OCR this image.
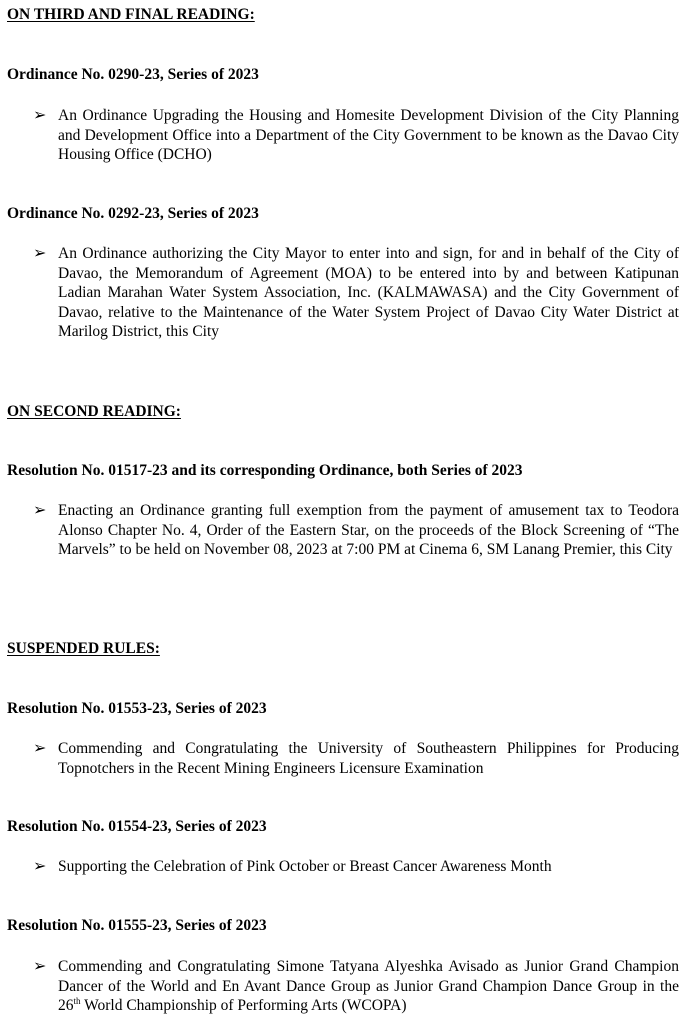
ON THIRD AND FINAL READING:

Ordinance No. 0290-23, Series of 2023

➢ An Ordinance Upgrading the Housing and Homesite Development Division of the City Planning and Development Office into a Department of the City Government to be known as the Davao City Housing Office (DCHO)

Ordinance No. 0292-23, Series of 2023

➢ An Ordinance authorizing the City Mayor to enter into and sign, for and in behalf of the City of Davao, the Memorandum of Agreement (MOA) to be entered into by and between Katipunan Ladian Marahan Water System Association, Inc. (KALMAWASA) and the City Government of Davao, relative to the Maintenance of the Water System Project of Davao City Water District at Marilog District, this City

ON SECOND READING:

Resolution No. 01517-23 and its corresponding Ordinance, both Series of 2023

➢ Enacting an Ordinance granting full exemption from the payment of amusement tax to Teodora Alonso Chapter No. 4, Order of the Eastern Star, on the proceeds of the Block Screening of “The Marvels” to be held on November 08, 2023 at 7:00 PM at Cinema 6, SM Lanang Premier, this City

SUSPENDED RULES:

Resolution No. 01553-23, Series of 2023

➢ Commending and Congratulating the University of Southeastern Philippines for Producing Topnotchers in the Recent Mining Engineers Licensure Examination

Resolution No. 01554-23, Series of 2023

➢ Supporting the Celebration of Pink October or Breast Cancer Awareness Month

Resolution No. 01555-23, Series of 2023

➢ Commending and Congratulating Simone Tatyana Alyeshka Avisado as Junior Grand Champion Dancer of the World and En Avant Dance Group as Junior Grand Champion Dance Group in the 26th World Championship of Performing Arts (WCOPA)
